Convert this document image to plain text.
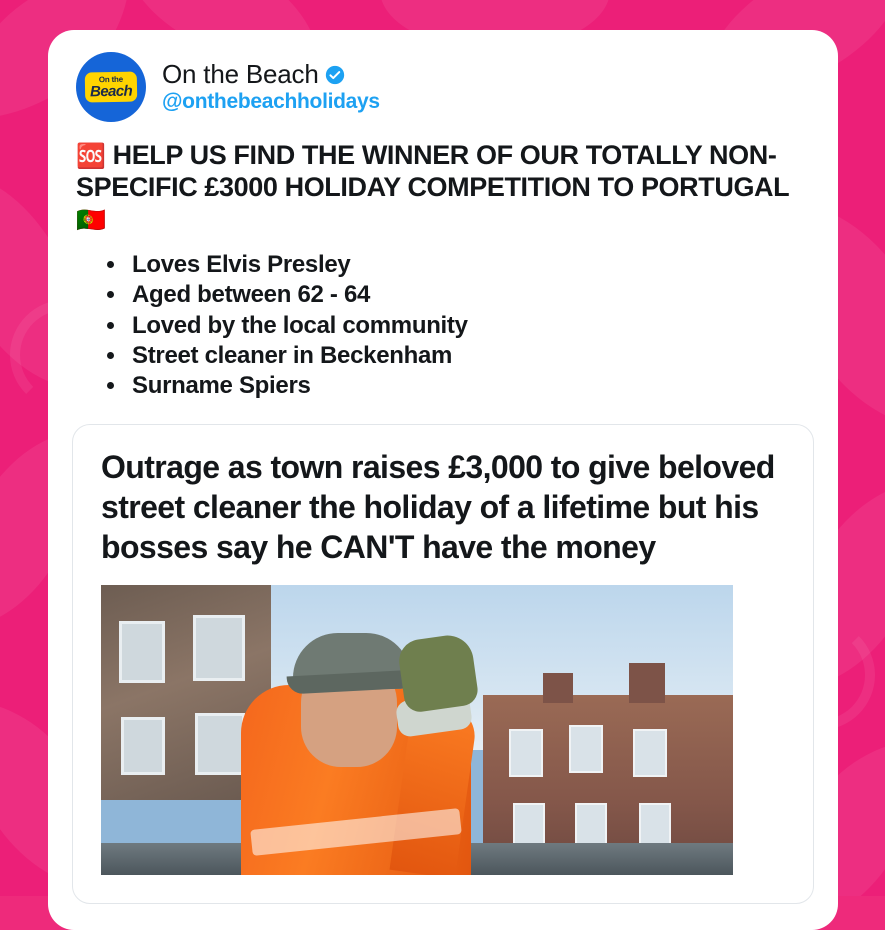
On the
Beach
On the Beach
@onthebeachholidays
🆘 HELP US FIND THE WINNER OF OUR TOTALLY NON-SPECIFIC £3000 HOLIDAY COMPETITION TO PORTUGAL 🇵🇹
• Loves Elvis Presley
• Aged between 62 - 64
• Loved by the local community
• Street cleaner in Beckenham
• Surname Spiers
Outrage as town raises £3,000 to give beloved street cleaner the holiday of a lifetime but his bosses say he CAN'T have the money
